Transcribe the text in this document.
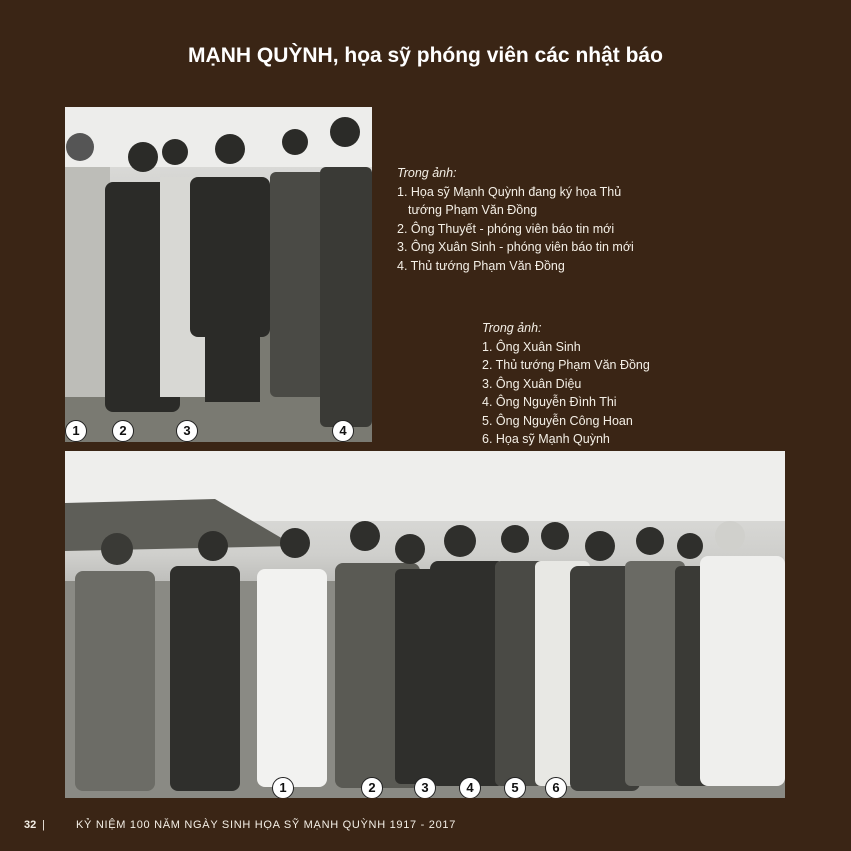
MẠNH QUỲNH, họa sỹ phóng viên các nhật báo
1	2	3	4
Trong ảnh:
1. Họa sỹ Mạnh Quỳnh đang ký họa Thủ
tướng Phạm Văn Đồng
2. Ông Thuyết - phóng viên báo tin mới
3. Ông Xuân Sinh - phóng viên báo tin mới
4. Thủ tướng Phạm Văn Đồng
Trong ảnh:
1. Ông Xuân Sinh
2. Thủ tướng Phạm Văn Đồng
3. Ông Xuân Diệu
4. Ông Nguyễn Đình Thi
5. Ông Nguyễn Công Hoan
6. Họa sỹ Mạnh Quỳnh
1	2	3	4	5	6
32 |	KỶ NIỆM 100 NĂM NGÀY SINH HỌA SỸ MẠNH QUỲNH 1917 - 2017
